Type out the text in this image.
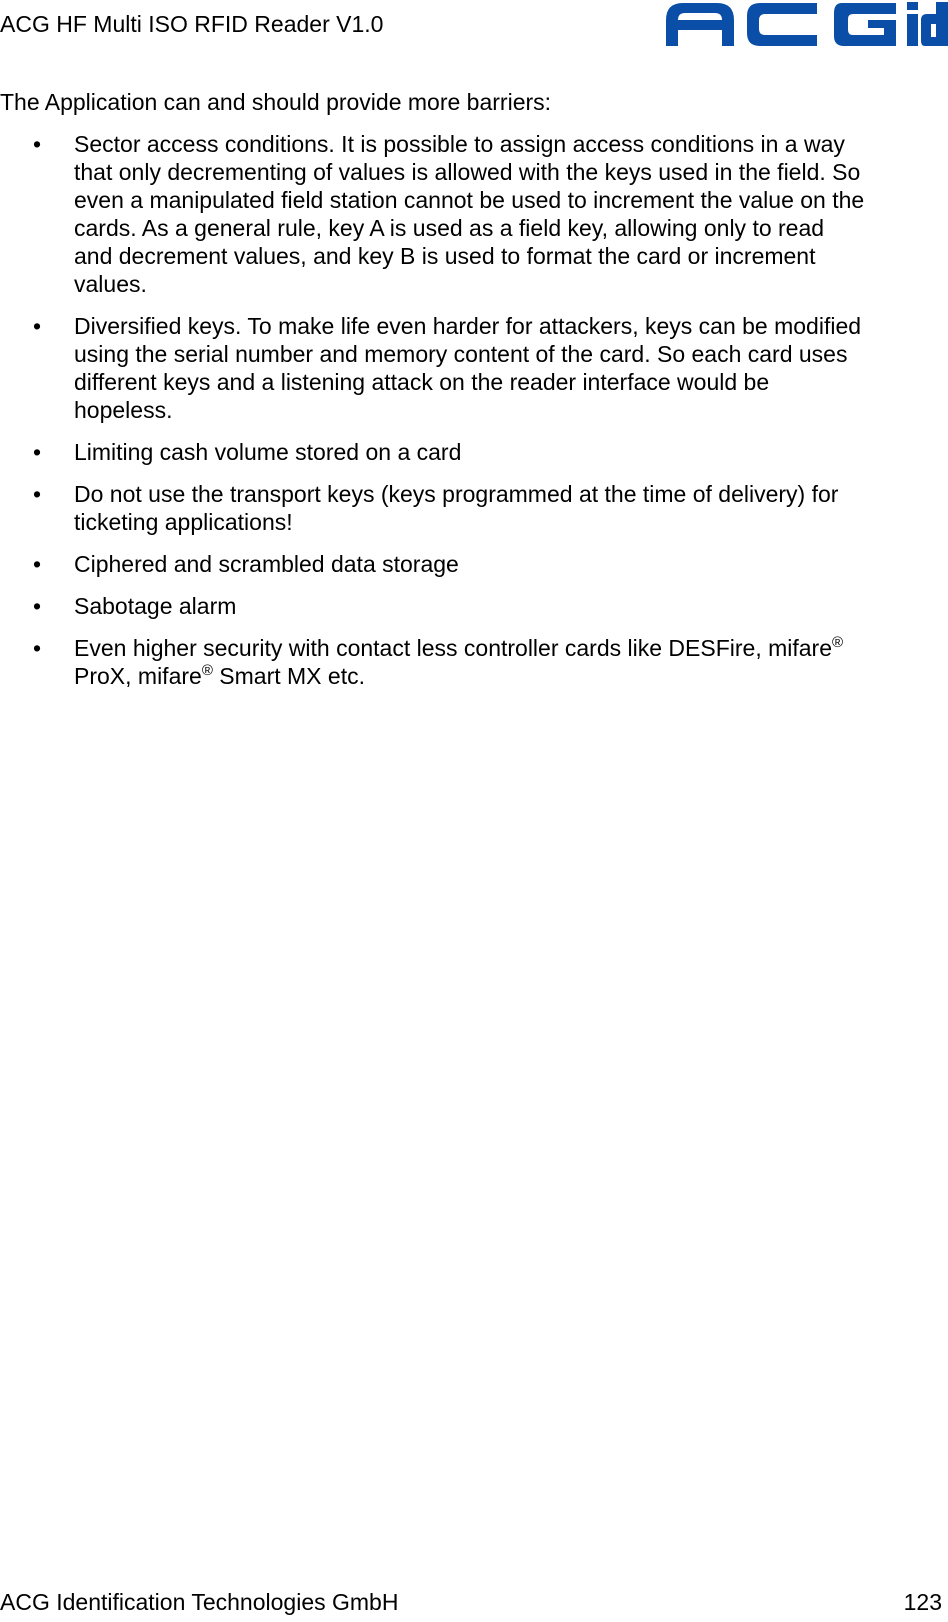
ACG HF Multi ISO RFID Reader V1.0
The Application can and should provide more barriers:
•	Sector access conditions. It is possible to assign access conditions in a way
that only decrementing of values is allowed with the keys used in the field. So
even a manipulated field station cannot be used to increment the value on the
cards. As a general rule, key A is used as a field key, allowing only to read
and decrement values, and key B is used to format the card or increment
values.
•	Diversified keys. To make life even harder for attackers, keys can be modified
using the serial number and memory content of the card. So each card uses
different keys and a listening attack on the reader interface would be
hopeless.
•	Limiting cash volume stored on a card
•	Do not use the transport keys (keys programmed at the time of delivery) for
ticketing applications!
•	Ciphered and scrambled data storage
•	Sabotage alarm
•	Even higher security with contact less controller cards like DESFire, mifare®
ProX, mifare® Smart MX etc.
ACG Identification Technologies GmbH	123
